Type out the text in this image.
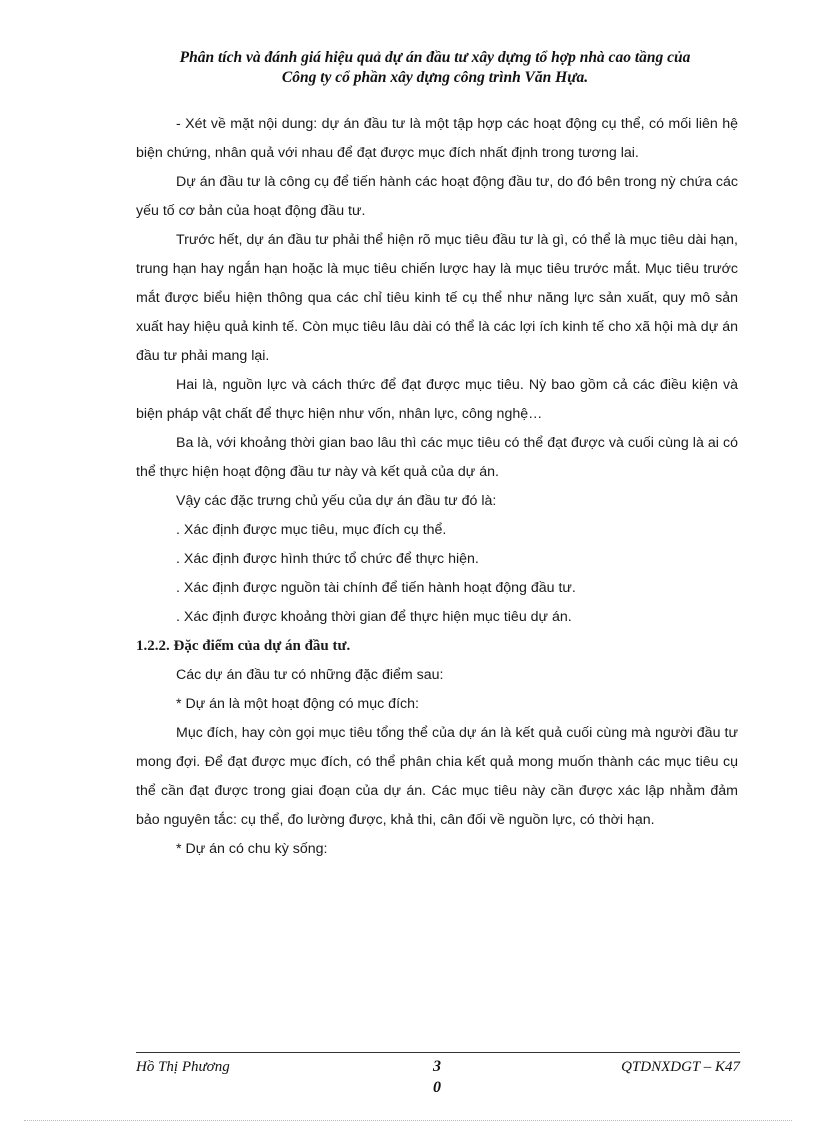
Phân tích và đánh giá hiệu quả dự án đầu tư xây dựng tổ hợp nhà cao tầng của
Công ty cổ phần xây dựng công trình Văn Hựa.

- Xét về mặt nội dung: dự án đầu tư là một tập hợp các hoạt động cụ thể, có mối liên hệ biện chứng, nhân quả với nhau để đạt được mục đích nhất định trong tương lai.

Dự án đầu tư là công cụ để tiến hành các hoạt động đầu tư, do đó bên trong nỳ chứa các yếu tố cơ bản của hoạt động đầu tư.

Trước hết, dự án đầu tư phải thể hiện rõ mục tiêu đầu tư là gì, có thể là mục tiêu dài hạn, trung hạn hay ngắn hạn hoặc là mục tiêu chiến lược hay là mục tiêu trước mắt. Mục tiêu trước mắt được biểu hiện thông qua các chỉ tiêu kinh tế cụ thể như năng lực sản xuất, quy mô sản xuất hay hiệu quả kinh tế. Còn mục tiêu lâu dài có thể là các lợi ích kinh tế cho xã hội mà dự án đầu tư phải mang lại.

Hai là, nguồn lực và cách thức để đạt được mục tiêu. Nỳ bao gồm cả các điều kiện và biện pháp vật chất để thực hiện như vốn, nhân lực, công nghệ…

Ba là, với khoảng thời gian bao lâu thì các mục tiêu có thể đạt được và cuối cùng là ai có thể thực hiện hoạt động đầu tư này và kết quả của dự án.

Vậy các đặc trưng chủ yếu của dự án đầu tư đó là:

. Xác định được mục tiêu, mục đích cụ thể.

. Xác định được hình thức tổ chức để thực hiện.

. Xác định được nguồn tài chính để tiến hành hoạt động đầu tư.

. Xác định được khoảng thời gian để thực hiện mục tiêu dự án.

1.2.2. Đặc điểm của dự án đầu tư.

Các dự án đầu tư có những đặc điểm sau:

* Dự án là một hoạt động có mục đích:

Mục đích, hay còn gọi mục tiêu tổng thể của dự án là kết quả cuối cùng mà người đầu tư mong đợi. Để đạt được mục đích, có thể phân chia kết quả mong muốn thành các mục tiêu cụ thể cần đạt được trong giai đoạn của dự án. Các mục tiêu này cần được xác lập nhằm đảm bảo nguyên tắc: cụ thể, đo lường được, khả thi, cân đối về nguồn lực, có thời hạn.

* Dự án có chu kỳ sống:

Hồ Thị Phương	3
0
QTDNXDGT – K47
